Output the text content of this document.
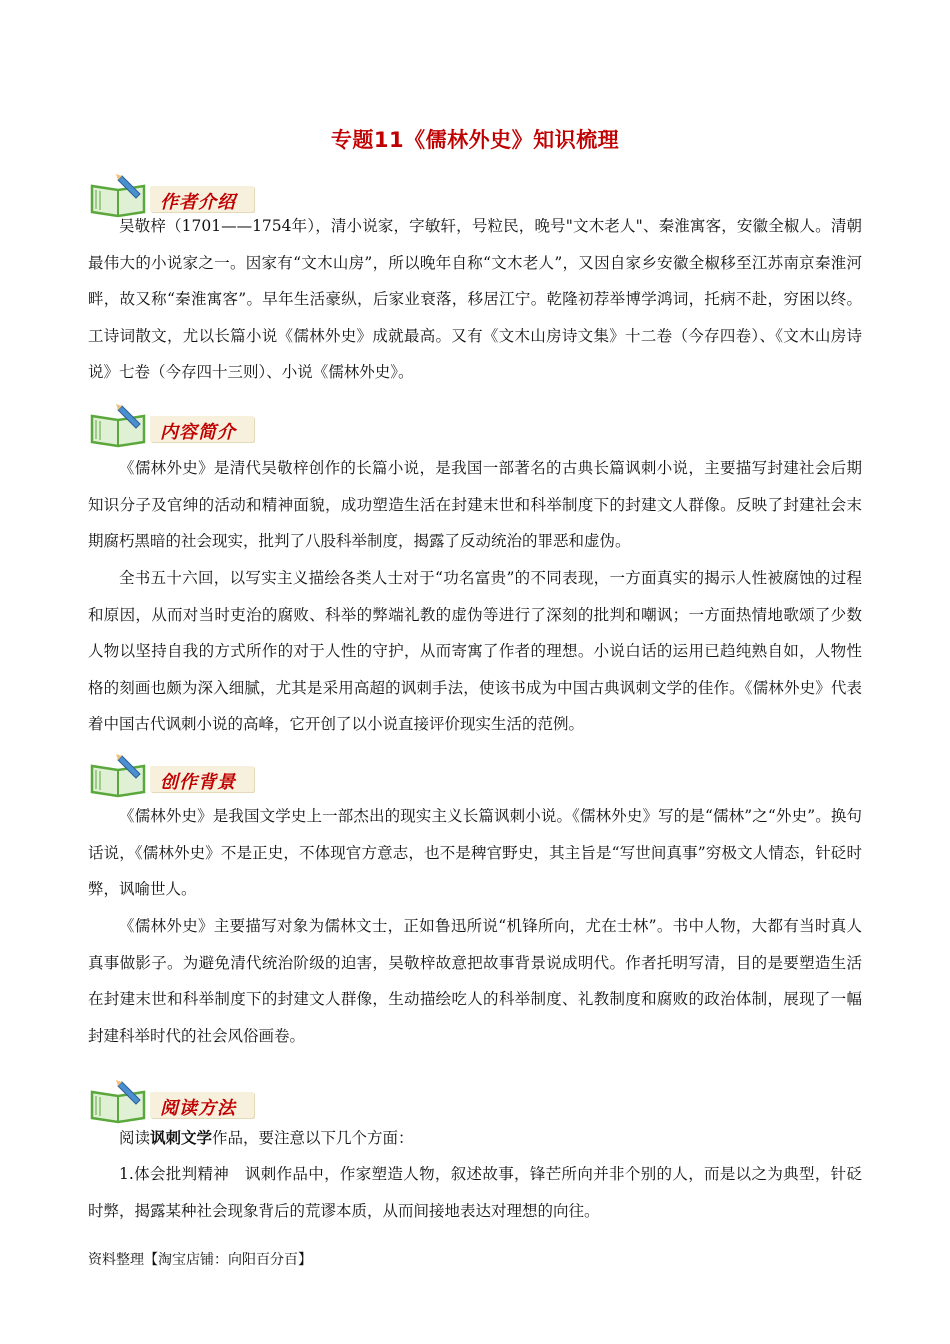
专题11《儒林外史》知识梳理
作者介绍

吴敬梓（1701——1754年），清小说家，字敏轩，号粒民，晚号"文木老人"、秦淮寓客，安徽全椒人。清朝最伟大的小说家之一。因家有“文木山房”，所以晚年自称“文木老人”，又因自家乡安徽全椒移至江苏南京秦淮河畔，故又称“秦淮寓客”。早年生活豪纵，后家业衰落，移居江宁。乾隆初荐举博学鸿词，托病不赴，穷困以终。工诗词散文，尤以长篇小说《儒林外史》成就最高。又有《文木山房诗文集》十二卷（今存四卷）、《文木山房诗说》七卷（今存四十三则）、小说《儒林外史》。

内容简介

《儒林外史》是清代吴敬梓创作的长篇小说，是我国一部著名的古典长篇讽刺小说，主要描写封建社会后期知识分子及官绅的活动和精神面貌，成功塑造生活在封建末世和科举制度下的封建文人群像。反映了封建社会末期腐朽黑暗的社会现实，批判了八股科举制度，揭露了反动统治的罪恶和虚伪。

全书五十六回，以写实主义描绘各类人士对于“功名富贵”的不同表现，一方面真实的揭示人性被腐蚀的过程和原因，从而对当时吏治的腐败、科举的弊端礼教的虚伪等进行了深刻的批判和嘲讽；一方面热情地歌颂了少数人物以坚持自我的方式所作的对于人性的守护，从而寄寓了作者的理想。小说白话的运用已趋纯熟自如，人物性格的刻画也颇为深入细腻，尤其是采用高超的讽刺手法，使该书成为中国古典讽刺文学的佳作。《儒林外史》代表着中国古代讽刺小说的高峰，它开创了以小说直接评价现实生活的范例。

创作背景

《儒林外史》是我国文学史上一部杰出的现实主义长篇讽刺小说。《儒林外史》写的是“儒林”之“外史”。换句话说，《儒林外史》不是正史，不体现官方意志，也不是稗官野史，其主旨是“写世间真事”穷极文人情态，针砭时弊，讽喻世人。

《儒林外史》主要描写对象为儒林文士，正如鲁迅所说“机锋所向，尤在士林”。书中人物，大都有当时真人真事做影子。为避免清代统治阶级的迫害，吴敬梓故意把故事背景说成明代。作者托明写清，目的是要塑造生活在封建末世和科举制度下的封建文人群像，生动描绘吃人的科举制度、礼教制度和腐败的政治体制，展现了一幅封建科举时代的社会风俗画卷。

阅读方法

阅读讽刺文学作品，要注意以下几个方面：

1.体会批判精神　讽刺作品中，作家塑造人物，叙述故事，锋芒所向并非个别的人，而是以之为典型，针砭时弊，揭露某种社会现象背后的荒谬本质，从而间接地表达对理想的向往。

资料整理【淘宝店铺：向阳百分百】
